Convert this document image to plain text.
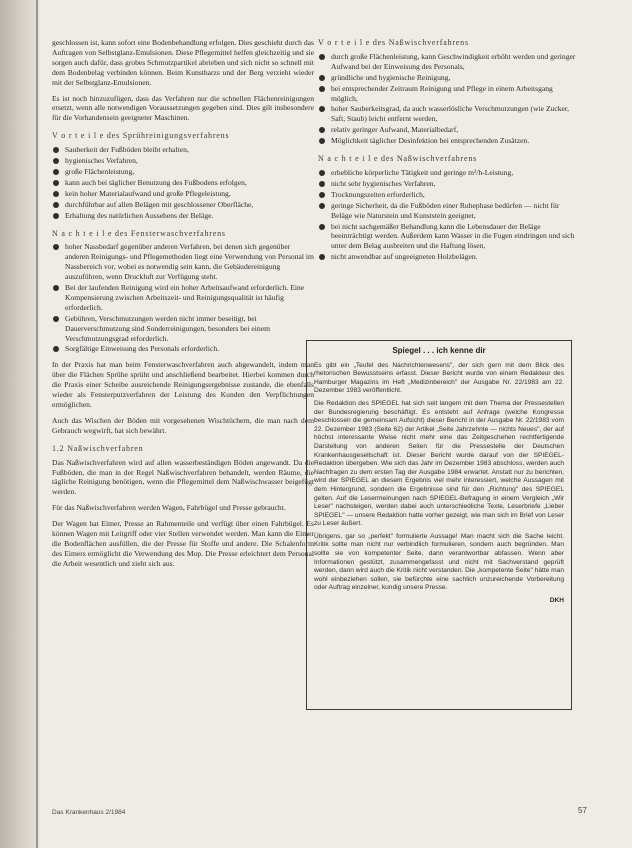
geschlossen ist, kann sofort eine Bodenbehandlung erfolgen. Dies geschieht durch das Auftragen von Selbstglanz-Emulsionen. Diese Pflegemittel helfen gleichzeitig und sie sorgen auch dafür, dass grobes Schmutzpartikel abrieben und sich nicht so schnell mit dem Bodenbelag verbinden können. Beim Kunstharzs und der Berg verzieht wieder mit der Selbstglanz-Emulsionen.

Es ist noch hinzuzufügen, dass das Verfahren nur die schnellen Flächenreinigungen ersetzt, wenn alle notwendigen Voraussetzungen gegeben sind. Dies gilt insbesondere für die Vorhandensein geeigneter Maschinen.

V o r t e i l e des Sprühreinigungsverfahrens
Sauberkeit der Fußböden bleibt erhalten,
hygienisches Verfahren,
große Flächenleistung,
kann auch bei täglicher Benutzung des Fußbodens erfolgen,
kein hoher Materialaufwand und große Pflegeleistung,
durchführbar auf allen Belägen mit geschlossener Oberfläche,
Erhaltung des natürlichen Aussehens der Beläge.
N a c h t e i l e des Fensterwaschverfahrens
hoher Nassbedarf gegenüber anderen Verfahren, bei denen sich gegenüber anderen Reinigungs- und Pflegemethoden liegt eine Verwendung von Personal im Nassbereich vor, wobei es notwendig sein kann, die Gebäudereinigung auszuführen, wenn Druckluft zur Verfügung steht.
Bei der laufenden Reinigung wird ein hoher Arbeitsaufwand erforderlich. Eine Kompensierung zwischen Arbeitszeit- und Reinigungsqualität ist häufig erforderlich.
Gebühren, Verschmutzungen werden nicht immer beseitigt, bei Dauerverschmutzung sind Sonderreinigungen, besonders bei einem Verschmutzungsgrad erforderlich.
Sorgfältige Einweisung des Personals erforderlich.

In der Praxis hat man beim Fensterwaschverfahren auch abgewandelt, indem man über die Flächen Sprühe sprüht und anschließend bearbeitet. Hierbei kommen durch die Praxis einer Scheibe ausreichende Reinigungsergebnisse zustande, die ebenfalls wieder als Fensterputzverfahren der Leistung des Kunden den Verpflichtungen ermöglichen.

Auch das Wischen der Böden mit vorgesehenen Wischtüchern, die man nach dem Gebrauch wegwirft, hat sich bewährt.

1.2 Naßwischverfahren

Das Naßwischverfahren wird auf allen wasserbeständigen Böden angewandt. Da die Fußböden, die man in der Regel Naßwischverfahren behandelt, werden Räume, die tägliche Reinigung benötigen, wenn die Pflegemittel dem Naßwischwasser beigefügt werden.

Für das Naßwischverfahren werden Wagen, Fahrbügel und Presse gebraucht.

Der Wagen hat Eimer, Presse an Rahmenteile und verfügt über einen Fahrbügel. Es können Wagen mit Leitgriff oder vier Stellen verwendet werden. Man kann die Eimer die Bodenflächen ausfüllen, die der Presse für Stoffe und andere. Die Schalenform des Eimers ermöglicht die Verwendung des Mop. Die Presse erleichtert dem Personal die Arbeit wesentlich und zieht sich aus.

V o r t e i l e des Naßwischverfahrens
durch große Flächenleistung, kann Geschwindigkeit erhöht werden und geringer Aufwand bei der Einweisung des Personals,
gründliche und hygienische Reinigung,
bei entsprechender Zeitraum Reinigung und Pflege in einem Arbeitsgang möglich,
hoher Sauberkeitsgrad, da auch wasserlösliche Verschmutzungen (wie Zucker, Saft, Staub) leicht entfernt werden,
relativ geringer Aufwand, Materialbedarf,
Möglichkeit täglicher Desinfektion bei entsprechenden Zusätzen.
N a c h t e i l e des Naßwischverfahrens
erhebliche körperliche Tätigkeit und geringe m²/h-Leistung,
nicht sehr hygienisches Verfahren,
Trocknungszeiten erforderlich,
geringe Sicherheit, da die Fußböden einer Ruhephase bedürfen — nicht für Beläge wie Naturstein und Kunststein geeignet,
bei nicht sachgemäßer Behandlung kann die Lebensdauer der Beläge beeinträchtigt werden. Außerdem kann Wasser in die Fugen eindringen und sich unter dem Belag ausbreiten und die Haftung lösen,
nicht anwendbar auf ungeeigneten Holzbelägen.
Spiegel . . . ich kenne dir

Es gibt ein „Teufel des Nachrichtenwesens", der sich gern mit dem Blick des rhetorischen Bewusstseins erfasst. Dieser Bericht wurde von einem Redakteur des Hamburger Magazins im Heft „Medizinbereich" der Ausgabe Nr. 22/1983 am 22. Dezember 1983 veröffentlicht.

Die Redaktion des SPIEGEL hat sich seit langem mit dem Thema der Pressestellen der Bundesregierung beschäftigt. Es entsteht auf Anfrage (welche Kongresse beschlossen die gemeinsam Aufsicht) dieser Bericht in der Ausgabe Nr. 22/1983 vom 22. Dezember 1983 (Seite 62) der Artikel „Seite Jahrzehnte — nichts Neues", der auf höchst interessante Weise nicht mehr eine das Zeitgeschehen rechtfertigende Darstellung von anderen Seiten für die Pressestelle der Deutschen Krankenhausgesellschaft ist. Dieser Bericht wurde darauf von der SPIEGEL-Redaktion übergeben. Wie sich das Jahr im Dezember 1983 abschloss, werden auch Nachfragen zu dem ersten Tag der Ausgabe 1984 erwartet. Anstatt nur zu berichten, wird der SPIEGEL an diesem Ergebnis viel mehr interessiert, welche Aussagen mit dem Hintergrund, sondern die Ergebnisse sind für den „Richtung" des SPIEGEL gelten. Auf die Lesermeinungen nach SPIEGEL-Befragung in einem Vergleich „Wir Leser" nachsteigen, werden dabei auch unterschiedliche Texte, Leserbriefe „Lieber SPIEGEL" — unsere Redaktion hatte vorher gezeigt, wie man sich im Brief von Leser zu Leser äußert.

Übrigens, gar so „perfekt" formulierte Aussage! Man macht sich die Sache leicht. Kritik sollte man nicht nur verbindlich formulieren, sondern auch begründen. Man sollte sie von kompetenter Seite, dann verantwortbar abfassen. Wenn aber Informationen gestützt, zusammengefasst und nicht mit Sachverstand geprüft werden, dann wird auch die Kritik nicht verstanden. Die „kompetente Seite" hätte man wohl einbeziehen sollen, sie befürchte eine sachlich unzureichende Vorbereitung oder Auftrag einzelner, kundig unsere Presse.

DKH

Das Krankenhaus 2/1984	57
